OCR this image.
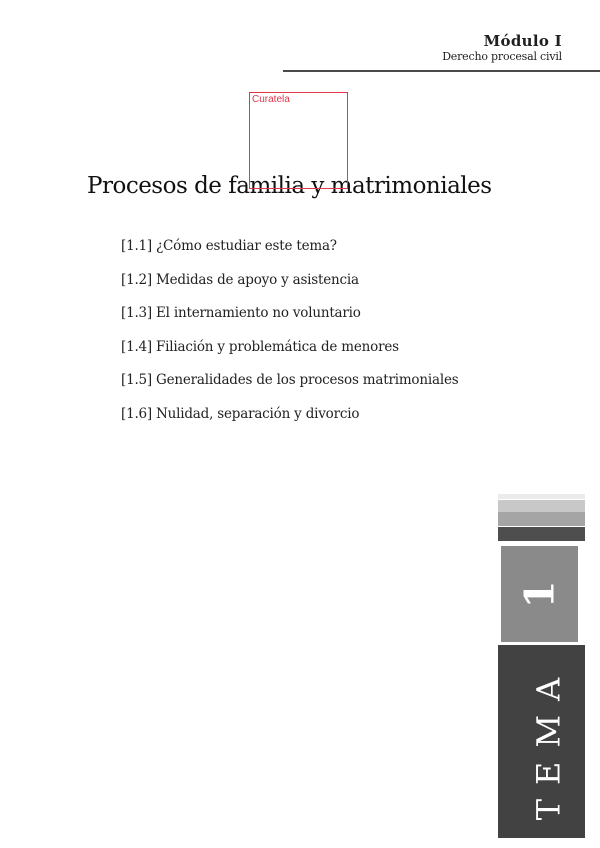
Módulo I
Derecho procesal civil
Procesos de familia y matrimoniales
Curatela
[1.1] ¿Cómo estudiar este tema?
[1.2] Medidas de apoyo y asistencia
[1.3] El internamiento no voluntario
[1.4] Filiación y problemática de menores
[1.5] Generalidades de los procesos matrimoniales
[1.6] Nulidad, separación y divorcio
1
TEMA
